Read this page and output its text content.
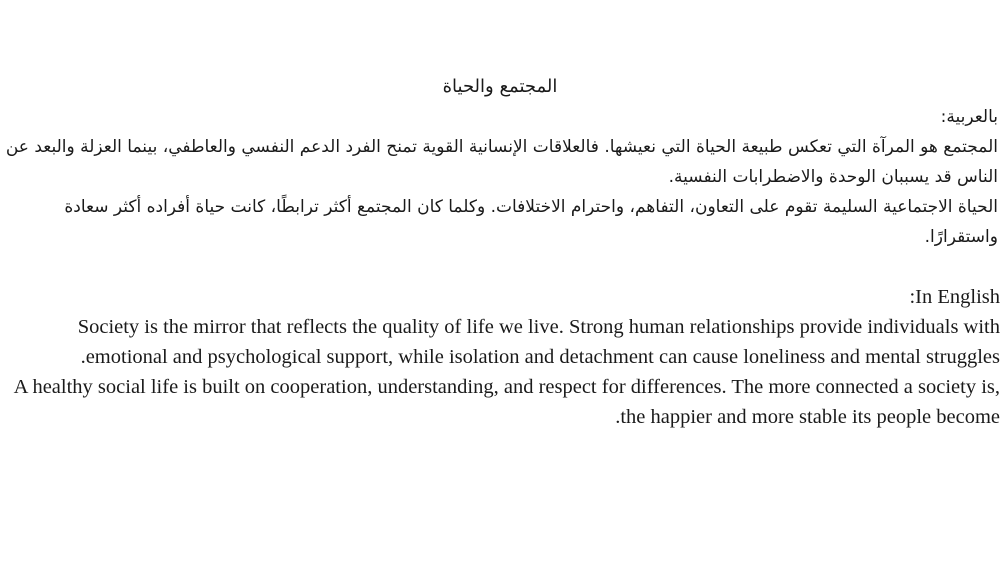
المجتمع والحياة

بالعربية:

المجتمع هو المرآة التي تعكس طبيعة الحياة التي نعيشها. فالعلاقات الإنسانية القوية تمنح الفرد الدعم النفسي والعاطفي، بينما العزلة والبعد عن الناس قد يسببان الوحدة والاضطرابات النفسية.

الحياة الاجتماعية السليمة تقوم على التعاون، التفاهم، واحترام الاختلافات. وكلما كان المجتمع أكثر ترابطًا، كانت حياة أفراده أكثر سعادة واستقرارًا.

In English:

Society is the mirror that reflects the quality of life we live. Strong human relationships provide individuals with emotional and psychological support, while isolation and detachment can cause loneliness and mental struggles.

A healthy social life is built on cooperation, understanding, and respect for differences. The more connected a society is, the happier and more stable its people become.
